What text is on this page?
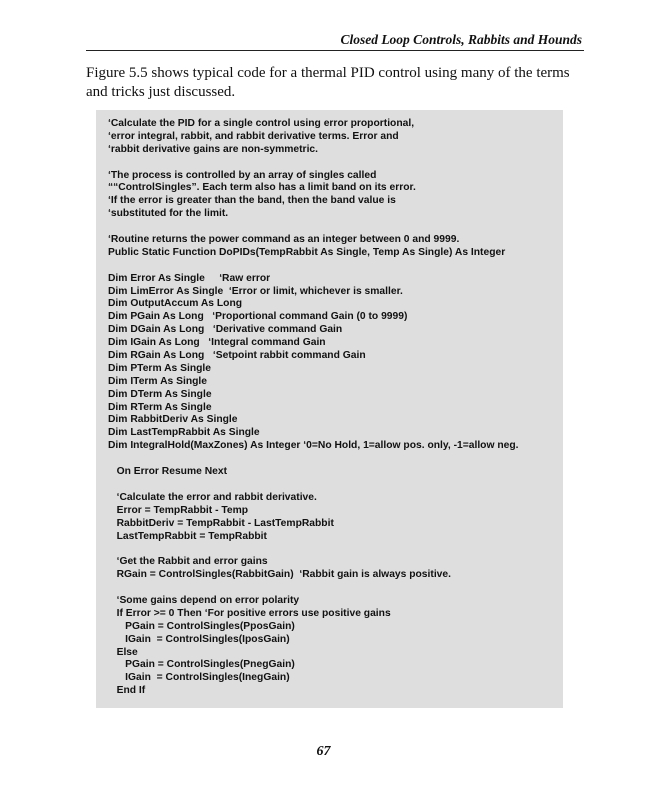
Closed Loop Controls, Rabbits and Hounds

Figure 5.5 shows typical code for a thermal PID control using many of the terms and tricks just discussed.

‘Calculate the PID for a single control using error proportional,
‘error integral, rabbit, and rabbit derivative terms. Error and
‘rabbit derivative gains are non-symmetric.
‘The process is controlled by an array of singles called
““ControlSingles”. Each term also has a limit band on its error.
‘If the error is greater than the band, then the band value is
‘substituted for the limit.
‘Routine returns the power command as an integer between 0 and 9999.
Public Static Function DoPIDs(TempRabbit As Single, Temp As Single) As Integer
Dim Error As Single     ‘Raw error
Dim LimError As Single  ‘Error or limit, whichever is smaller.
Dim OutputAccum As Long
Dim PGain As Long   ‘Proportional command Gain (0 to 9999)
Dim DGain As Long   ‘Derivative command Gain
Dim IGain As Long   ‘Integral command Gain
Dim RGain As Long   ‘Setpoint rabbit command Gain
Dim PTerm As Single
Dim ITerm As Single
Dim DTerm As Single
Dim RTerm As Single
Dim RabbitDeriv As Single
Dim LastTempRabbit As Single
Dim IntegralHold(MaxZones) As Integer ‘0=No Hold, 1=allow pos. only, -1=allow neg.
On Error Resume Next
‘Calculate the error and rabbit derivative.
Error = TempRabbit - Temp
RabbitDeriv = TempRabbit - LastTempRabbit
LastTempRabbit = TempRabbit
‘Get the Rabbit and error gains
RGain = ControlSingles(RabbitGain)  ‘Rabbit gain is always positive.
‘Some gains depend on error polarity
If Error >= 0 Then ‘For positive errors use positive gains
PGain = ControlSingles(PposGain)
IGain  = ControlSingles(IposGain)
Else
PGain = ControlSingles(PnegGain)
IGain  = ControlSingles(InegGain)
End If
67
